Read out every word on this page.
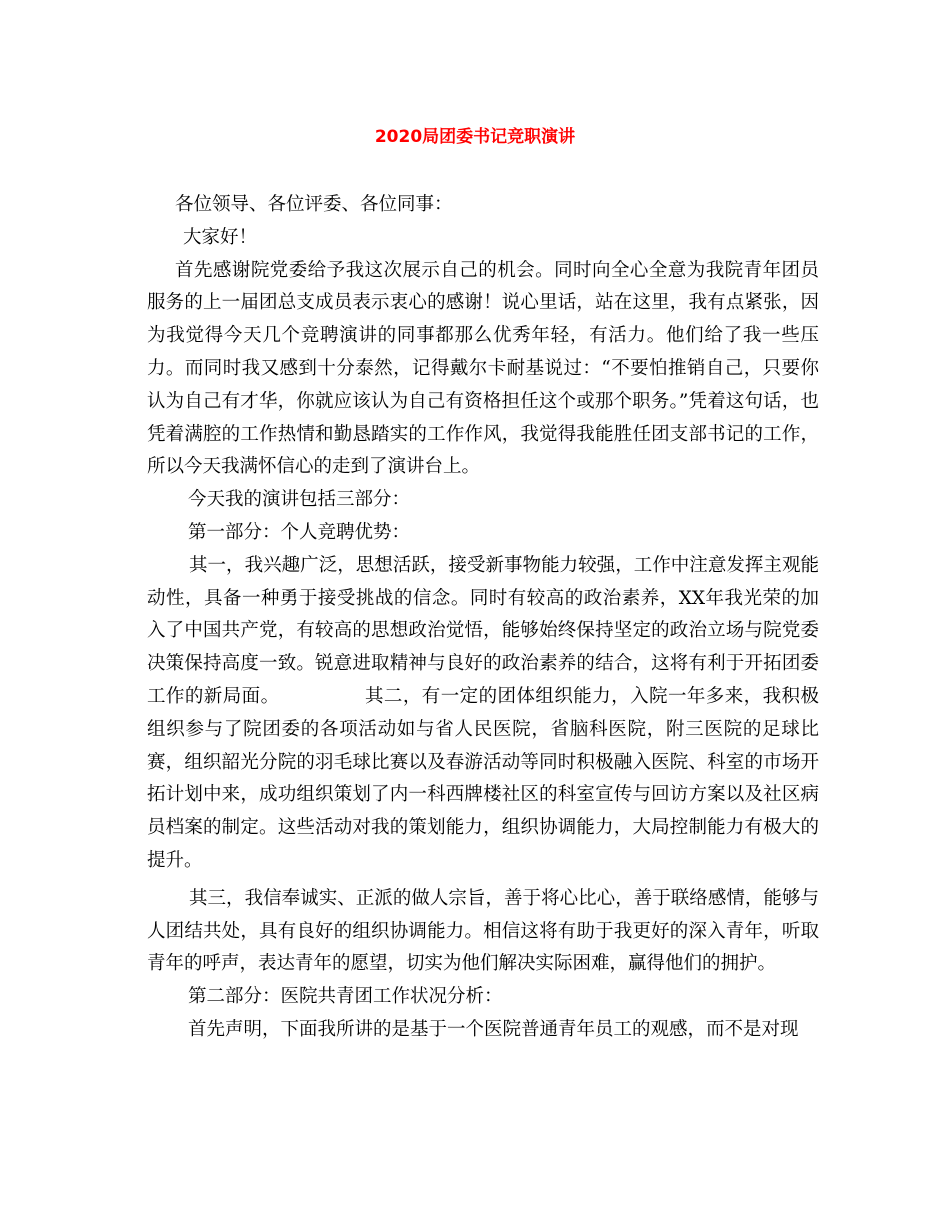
2020局团委书记竞职演讲

各位领导、各位评委、各位同事：

大家好！

首先感谢院党委给予我这次展示自己的机会。同时向全心全意为我院青年团员服务的上一届团总支成员表示衷心的感谢！说心里话，站在这里，我有点紧张，因为我觉得今天几个竞聘演讲的同事都那么优秀年轻，有活力。他们给了我一些压力。而同时我又感到十分泰然，记得戴尔卡耐基说过：“不要怕推销自己，只要你认为自己有才华，你就应该认为自己有资格担任这个或那个职务。”凭着这句话，也凭着满腔的工作热情和勤恳踏实的工作作风，我觉得我能胜任团支部书记的工作，所以今天我满怀信心的走到了演讲台上。

今天我的演讲包括三部分：

第一部分：个人竞聘优势：

其一，我兴趣广泛，思想活跃，接受新事物能力较强，工作中注意发挥主观能动性，具备一种勇于接受挑战的信念。同时有较高的政治素养，XX年我光荣的加入了中国共产党，有较高的思想政治觉悟，能够始终保持坚定的政治立场与院党委决策保持高度一致。锐意进取精神与良好的政治素养的结合，这将有利于开拓团委工作的新局面。　　　　　其二，有一定的团体组织能力，入院一年多来，我积极组织参与了院团委的各项活动如与省人民医院，省脑科医院，附三医院的足球比赛，组织韶光分院的羽毛球比赛以及春游活动等同时积极融入医院、科室的市场开拓计划中来，成功组织策划了内一科西牌楼社区的科室宣传与回访方案以及社区病员档案的制定。这些活动对我的策划能力，组织协调能力，大局控制能力有极大的提升。

其三，我信奉诚实、正派的做人宗旨，善于将心比心，善于联络感情，能够与人团结共处，具有良好的组织协调能力。相信这将有助于我更好的深入青年，听取青年的呼声，表达青年的愿望，切实为他们解决实际困难，赢得他们的拥护。

第二部分：医院共青团工作状况分析：

首先声明，下面我所讲的是基于一个医院普通青年员工的观感，而不是对现
